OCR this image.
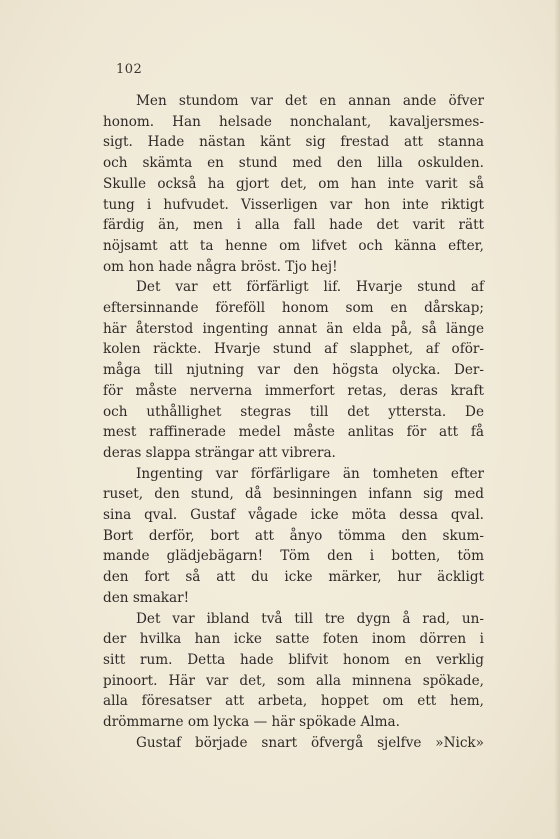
102
Men stundom var det en annan ande öfver
honom. Han helsade nonchalant, kavaljersmes-
sigt. Hade nästan känt sig frestad att stanna
och skämta en stund med den lilla oskulden.
Skulle också ha gjort det, om han inte varit så
tung i hufvudet. Visserligen var hon inte riktigt
färdig än, men i alla fall hade det varit rätt
nöjsamt att ta henne om lifvet och känna efter,
om hon hade några bröst. Tjo hej!
Det var ett förfärligt lif. Hvarje stund af
eftersinnande föreföll honom som en dårskap;
här återstod ingenting annat än elda på, så länge
kolen räckte. Hvarje stund af slapphet, af oför-
måga till njutning var den högsta olycka. Der-
för måste nerverna immerfort retas, deras kraft
och uthållighet stegras till det yttersta. De
mest raffinerade medel måste anlitas för att få
deras slappa strängar att vibrera.
Ingenting var förfärligare än tomheten efter
ruset, den stund, då besinningen infann sig med
sina qval. Gustaf vågade icke möta dessa qval.
Bort derför, bort att ånyo tömma den skum-
mande glädjebägarn! Töm den i botten, töm
den fort så att du icke märker, hur äckligt
den smakar!
Det var ibland två till tre dygn å rad, un-
der hvilka han icke satte foten inom dörren i
sitt rum. Detta hade blifvit honom en verklig
pinoort. Här var det, som alla minnena spökade,
alla föresatser att arbeta, hoppet om ett hem,
drömmarne om lycka — här spökade Alma.
Gustaf började snart öfvergå sjelfve »Nick»
